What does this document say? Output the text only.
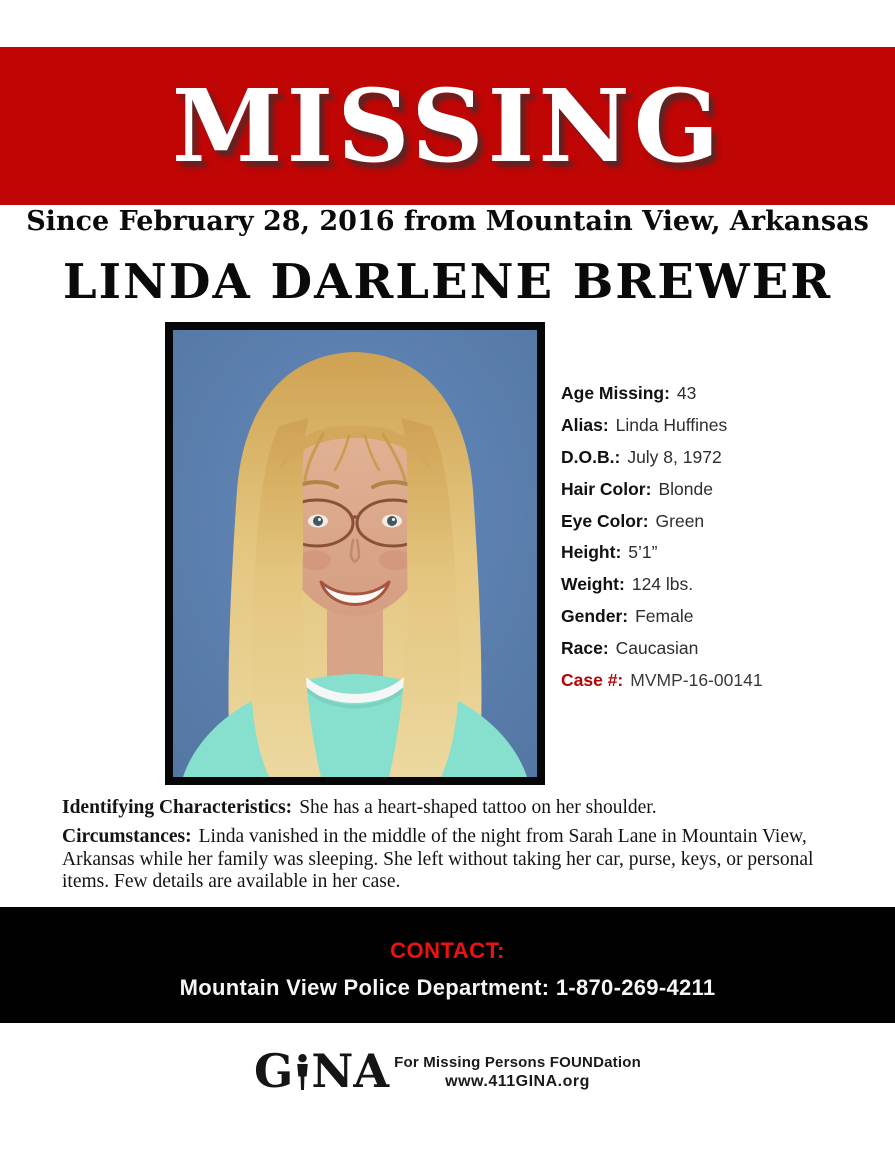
MISSING
Since February 28, 2016 from Mountain View, Arkansas
LINDA DARLENE BREWER
Age Missing: 43
Alias: Linda Huffines
D.O.B.: July 8, 1972
Hair Color: Blonde
Eye Color: Green
Height: 5’1”
Weight: 124 lbs.
Gender: Female
Race: Caucasian
Case #: MVMP-16-00141
Identifying Characteristics: She has a heart-shaped tattoo on her shoulder.
Circumstances: Linda vanished in the middle of the night from Sarah Lane in Mountain View, Arkansas while her family was sleeping. She left without taking her car, purse, keys, or personal items. Few details are available in her case.
CONTACT:
Mountain View Police Department: 1-870-269-4211
G NA For Missing Persons FOUNDation
www.411GINA.org
